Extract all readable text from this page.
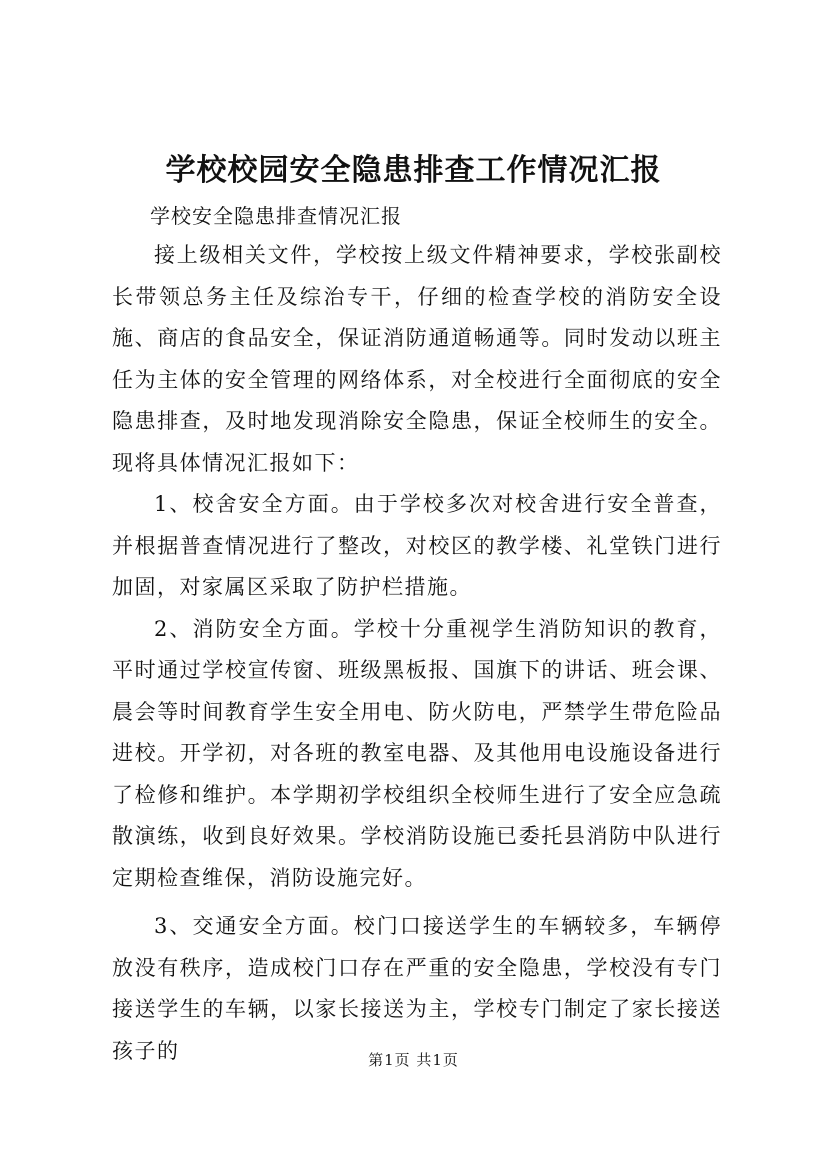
学校校园安全隐患排查工作情况汇报
学校安全隐患排查情况汇报

接上级相关文件，学校按上级文件精神要求，学校张副校长带领总务主任及综治专干，仔细的检查学校的消防安全设施、商店的食品安全，保证消防通道畅通等。同时发动以班主任为主体的安全管理的网络体系，对全校进行全面彻底的安全隐患排查，及时地发现消除安全隐患，保证全校师生的安全。现将具体情况汇报如下：

1、校舍安全方面。由于学校多次对校舍进行安全普查，并根据普查情况进行了整改，对校区的教学楼、礼堂铁门进行加固，对家属区采取了防护栏措施。

2、消防安全方面。学校十分重视学生消防知识的教育，平时通过学校宣传窗、班级黑板报、国旗下的讲话、班会课、晨会等时间教育学生安全用电、防火防电，严禁学生带危险品进校。开学初，对各班的教室电器、及其他用电设施设备进行了检修和维护。本学期初学校组织全校师生进行了安全应急疏散演练，收到良好效果。学校消防设施已委托县消防中队进行定期检查维保，消防设施完好。

3、交通安全方面。校门口接送学生的车辆较多，车辆停放没有秩序，造成校门口存在严重的安全隐患，学校没有专门接送学生的车辆，以家长接送为主，学校专门制定了家长接送孩子的	第1页 共1页
